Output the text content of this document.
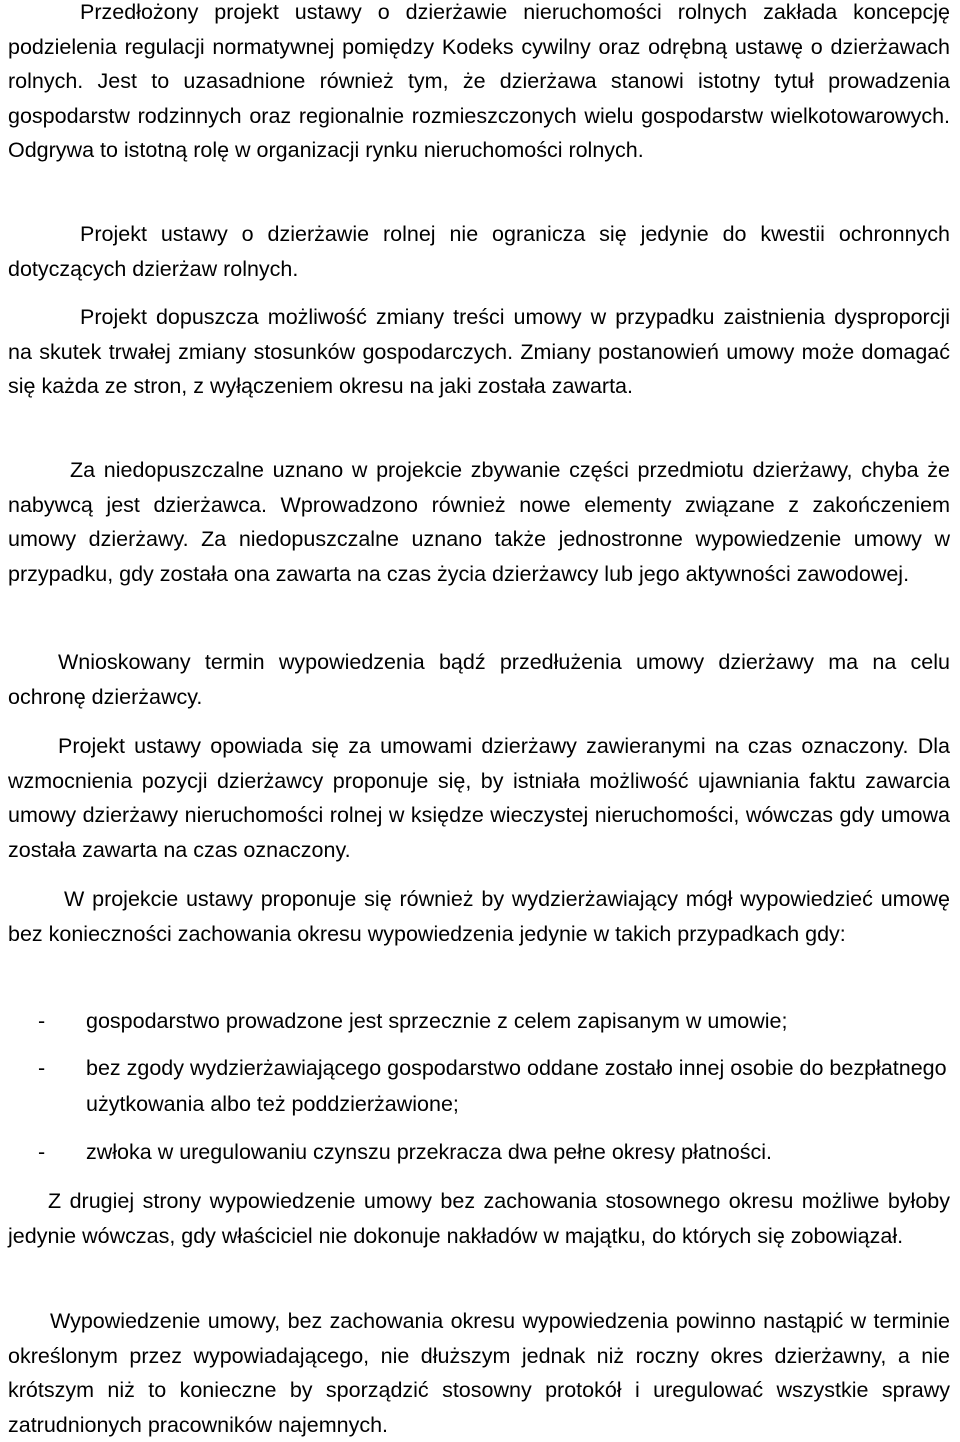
Przedłożony projekt ustawy o dzierżawie nieruchomości rolnych zakłada koncepcję podzielenia regulacji normatywnej pomiędzy Kodeks cywilny oraz odrębną ustawę o dzierżawach rolnych. Jest to uzasadnione również tym, że dzierżawa stanowi istotny tytuł prowadzenia gospodarstw rodzinnych oraz regionalnie rozmieszczonych wielu gospodarstw wielkotowarowych. Odgrywa to istotną rolę w organizacji rynku nieruchomości rolnych.

Projekt ustawy o dzierżawie rolnej nie ogranicza się jedynie do kwestii ochronnych dotyczących dzierżaw rolnych.

Projekt dopuszcza możliwość zmiany treści umowy w przypadku zaistnienia dysproporcji na skutek trwałej zmiany stosunków gospodarczych. Zmiany postanowień umowy może domagać się każda ze stron, z wyłączeniem okresu na jaki została zawarta.

Za niedopuszczalne uznano w projekcie zbywanie części przedmiotu dzierżawy, chyba że nabywcą jest dzierżawca. Wprowadzono również nowe elementy związane z zakończeniem umowy dzierżawy. Za niedopuszczalne uznano także jednostronne wypowiedzenie umowy w przypadku, gdy została ona zawarta na czas życia dzierżawcy lub jego aktywności zawodowej.

Wnioskowany termin wypowiedzenia bądź przedłużenia umowy dzierżawy ma na celu ochronę dzierżawcy.

Projekt ustawy opowiada się za umowami dzierżawy zawieranymi na czas oznaczony. Dla wzmocnienia pozycji dzierżawcy proponuje się, by istniała możliwość ujawniania faktu zawarcia umowy dzierżawy nieruchomości rolnej w księdze wieczystej nieruchomości, wówczas gdy umowa została zawarta na czas oznaczony.

W projekcie ustawy proponuje się również by wydzierżawiający mógł wypowiedzieć umowę bez konieczności zachowania okresu wypowiedzenia jedynie w takich przypadkach gdy:

- gospodarstwo prowadzone jest sprzecznie z celem zapisanym w umowie;
- bez zgody wydzierżawiającego gospodarstwo oddane zostało innej osobie do bezpłatnego użytkowania albo też poddzierżawione;
- zwłoka w uregulowaniu czynszu przekracza dwa pełne okresy płatności.

Z drugiej strony wypowiedzenie umowy bez zachowania stosownego okresu możliwe byłoby jedynie wówczas, gdy właściciel nie dokonuje nakładów w majątku, do których się zobowiązał.

Wypowiedzenie umowy, bez zachowania okresu wypowiedzenia powinno nastąpić w terminie określonym przez wypowiadającego, nie dłuższym jednak niż roczny okres dzierżawny, a nie krótszym niż to konieczne by sporządzić stosowny protokół i uregulować wszystkie sprawy zatrudnionych pracowników najemnych.
